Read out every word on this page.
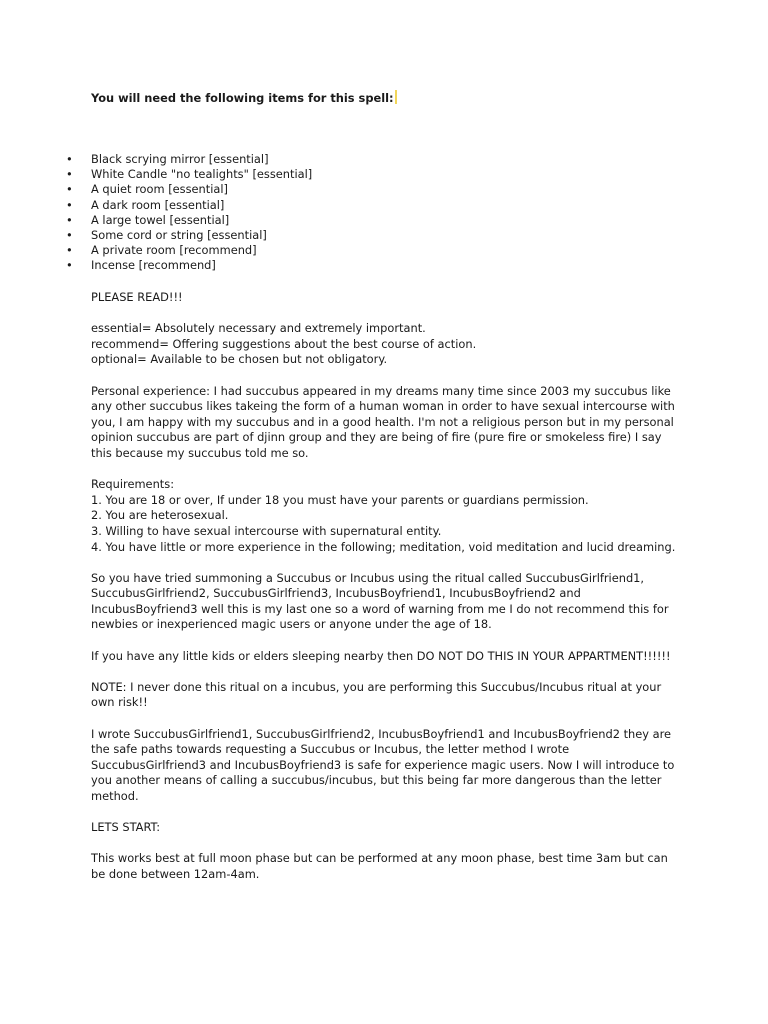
You will need the following items for this spell:
• Black scrying mirror [essential]
• White Candle "no tealights" [essential]
• A quiet room [essential]
• A dark room [essential]
• A large towel [essential]
• Some cord or string [essential]
• A private room [recommend]
• Incense [recommend]
PLEASE READ!!!
essential= Absolutely necessary and extremely important.
recommend= Offering suggestions about the best course of action.
optional= Available to be chosen but not obligatory.
Personal experience: I had succubus appeared in my dreams many time since 2003 my succubus like
any other succubus likes takeing the form of a human woman in order to have sexual intercourse with
you, I am happy with my succubus and in a good health. I'm not a religious person but in my personal
opinion succubus are part of djinn group and they are being of fire (pure fire or smokeless fire) I say
this because my succubus told me so.
Requirements:
1. You are 18 or over, If under 18 you must have your parents or guardians permission.
2. You are heterosexual.
3. Willing to have sexual intercourse with supernatural entity.
4. You have little or more experience in the following; meditation, void meditation and lucid dreaming.
So you have tried summoning a Succubus or Incubus using the ritual called SuccubusGirlfriend1,
SuccubusGirlfriend2, SuccubusGirlfriend3, IncubusBoyfriend1, IncubusBoyfriend2 and
IncubusBoyfriend3 well this is my last one so a word of warning from me I do not recommend this for
newbies or inexperienced magic users or anyone under the age of 18.
If you have any little kids or elders sleeping nearby then DO NOT DO THIS IN YOUR APPARTMENT!!!!!!
NOTE: I never done this ritual on a incubus, you are performing this Succubus/Incubus ritual at your
own risk!!
I wrote SuccubusGirlfriend1, SuccubusGirlfriend2, IncubusBoyfriend1 and IncubusBoyfriend2 they are
the safe paths towards requesting a Succubus or Incubus, the letter method I wrote
SuccubusGirlfriend3 and IncubusBoyfriend3 is safe for experience magic users. Now I will introduce to
you another means of calling a succubus/incubus, but this being far more dangerous than the letter
method.
LETS START:
This works best at full moon phase but can be performed at any moon phase, best time 3am but can
be done between 12am-4am.
